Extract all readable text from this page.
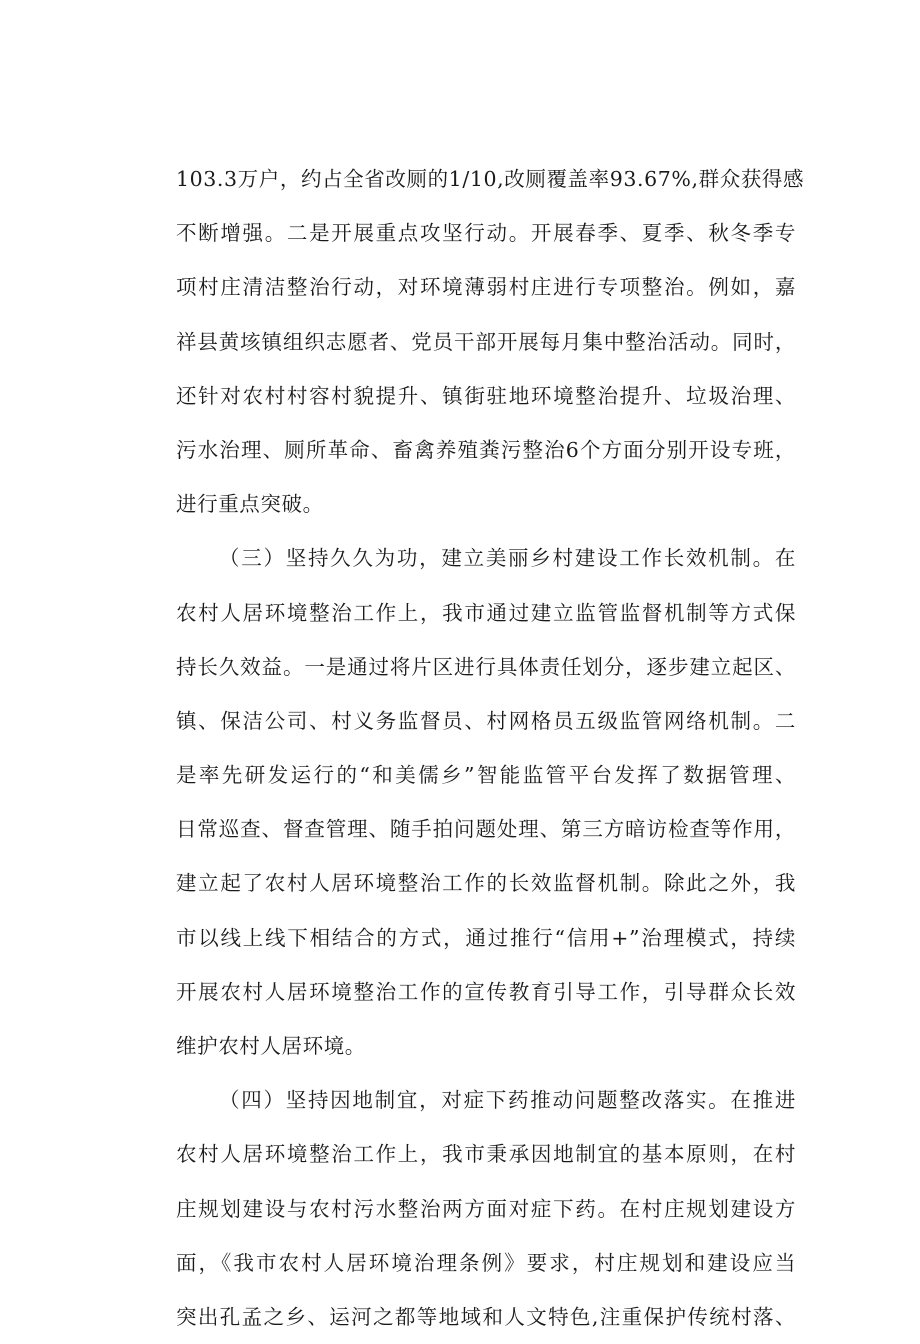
103.3万户，约占全省改厕的1/10,改厕覆盖率93.67%,群众获得感
不断增强。二是开展重点攻坚行动。开展春季、夏季、秋冬季专
项村庄清洁整治行动，对环境薄弱村庄进行专项整治。例如，嘉
祥县黄垓镇组织志愿者、党员干部开展每月集中整治活动。同时，
还针对农村村容村貌提升、镇街驻地环境整治提升、垃圾治理、
污水治理、厕所革命、畜禽养殖粪污整治6个方面分别开设专班，
进行重点突破。
（三）坚持久久为功，建立美丽乡村建设工作长效机制。在
农村人居环境整治工作上，我市通过建立监管监督机制等方式保
持长久效益。一是通过将片区进行具体责任划分，逐步建立起区、
镇、保洁公司、村义务监督员、村网格员五级监管网络机制。二
是率先研发运行的“和美儒乡”智能监管平台发挥了数据管理、
日常巡查、督查管理、随手拍问题处理、第三方暗访检查等作用，
建立起了农村人居环境整治工作的长效监督机制。除此之外，我
市以线上线下相结合的方式，通过推行“信用+”治理模式，持续
开展农村人居环境整治工作的宣传教育引导工作，引导群众长效
维护农村人居环境。
（四）坚持因地制宜，对症下药推动问题整改落实。在推进
农村人居环境整治工作上，我市秉承因地制宜的基本原则，在村
庄规划建设与农村污水整治两方面对症下药。在村庄规划建设方
面，《我市农村人居环境治理条例》要求，村庄规划和建设应当
突出孔孟之乡、运河之都等地域和人文特色,注重保护传统村落、
